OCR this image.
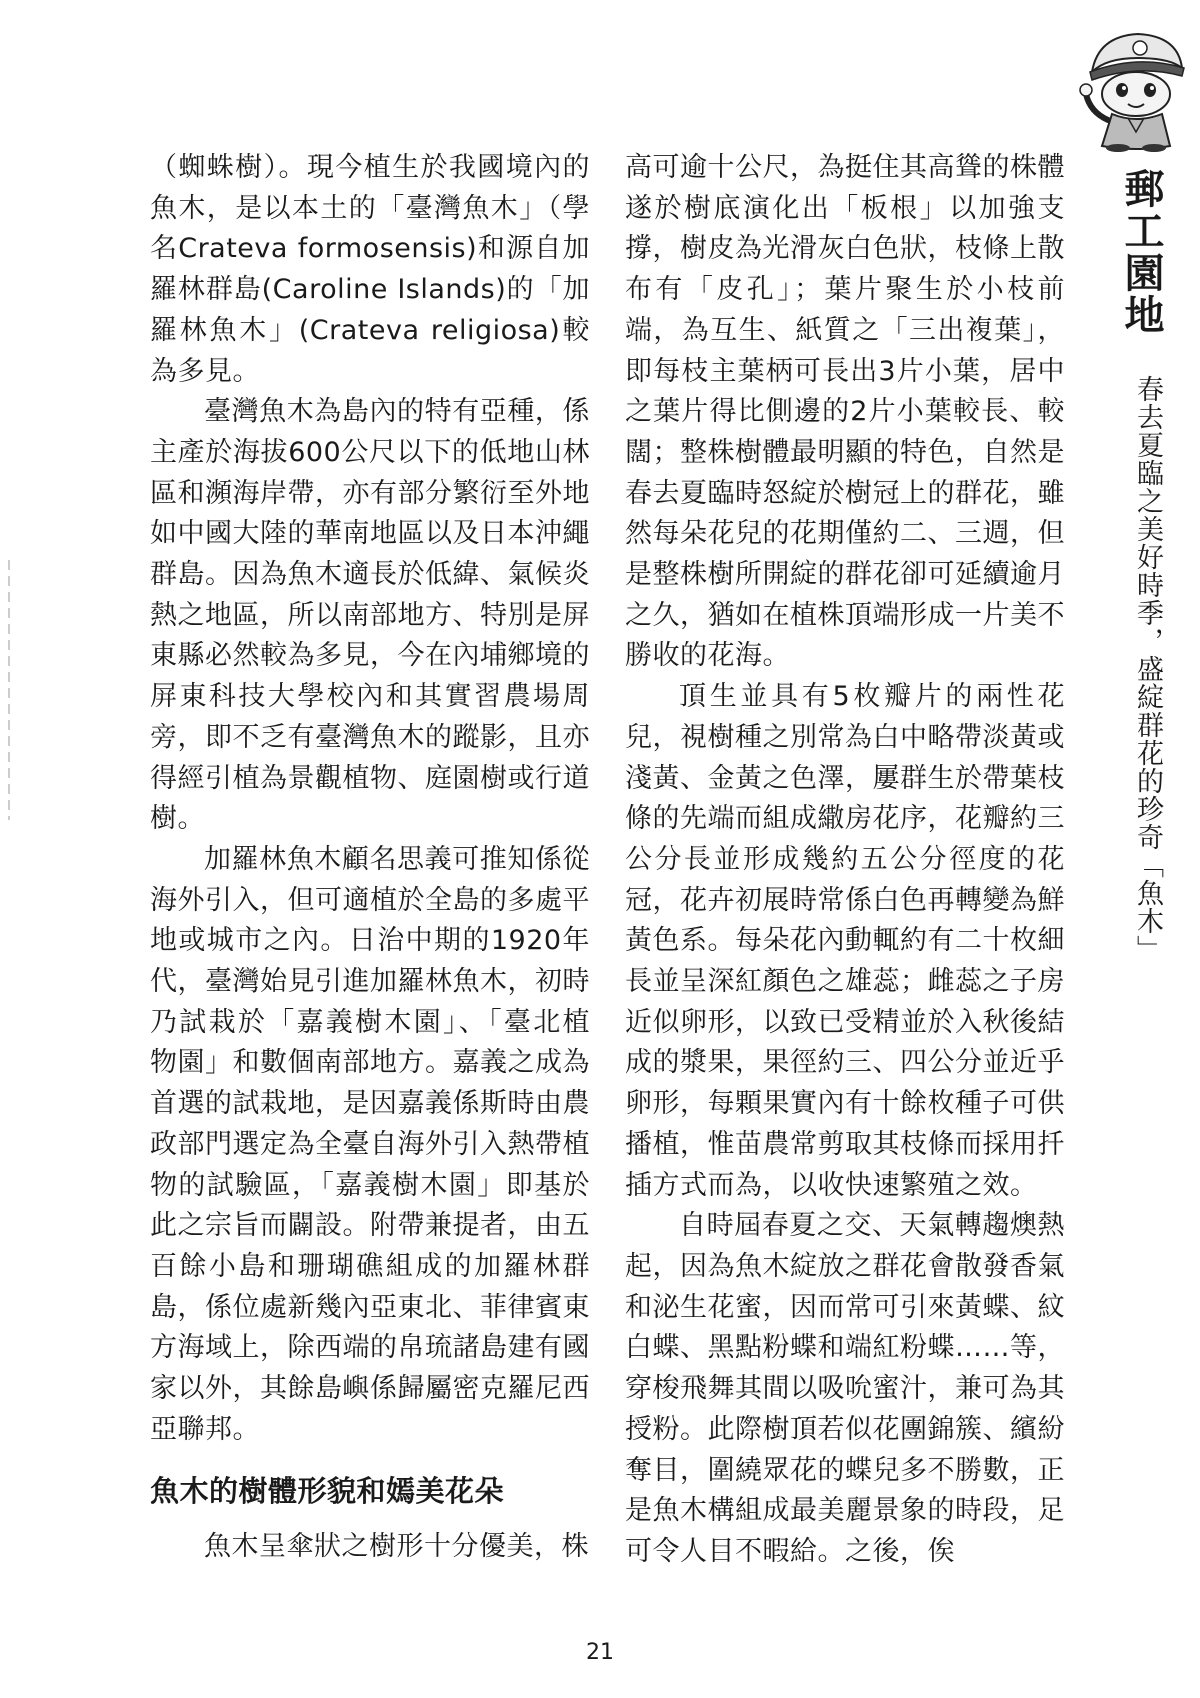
（蜘蛛樹）。現今植生於我國境內的魚木，是以本土的「臺灣魚木」（學名Crateva formosensis)和源自加羅林群島(Caroline Islands)的「加羅林魚木」(Crateva religiosa)較為多見。

臺灣魚木為島內的特有亞種，係主產於海拔600公尺以下的低地山林區和瀕海岸帶，亦有部分繁衍至外地如中國大陸的華南地區以及日本沖繩群島。因為魚木適長於低緯、氣候炎熱之地區，所以南部地方、特別是屏東縣必然較為多見，今在內埔鄉境的屏東科技大學校內和其實習農場周旁，即不乏有臺灣魚木的蹤影，且亦得經引植為景觀植物、庭園樹或行道樹。

加羅林魚木顧名思義可推知係從海外引入，但可適植於全島的多處平地或城市之內。日治中期的1920年代，臺灣始見引進加羅林魚木，初時乃試栽於「嘉義樹木園」、「臺北植物園」和數個南部地方。嘉義之成為首選的試栽地，是因嘉義係斯時由農政部門選定為全臺自海外引入熱帶植物的試驗區，「嘉義樹木園」即基於此之宗旨而闢設。附帶兼提者，由五百餘小島和珊瑚礁組成的加羅林群島，係位處新幾內亞東北、菲律賓東方海域上，除西端的帛琉諸島建有國家以外，其餘島嶼係歸屬密克羅尼西亞聯邦。

魚木的樹體形貌和嫣美花朵

魚木呈傘狀之樹形十分優美，株

高可逾十公尺，為挺住其高聳的株體遂於樹底演化出「板根」以加強支撐，樹皮為光滑灰白色狀，枝條上散布有「皮孔」；葉片聚生於小枝前端，為互生、紙質之「三出複葉」，即每枝主葉柄可長出3片小葉，居中之葉片得比側邊的2片小葉較長、較闊；整株樹體最明顯的特色，自然是春去夏臨時怒綻於樹冠上的群花，雖然每朵花兒的花期僅約二、三週，但是整株樹所開綻的群花卻可延續逾月之久，猶如在植株頂端形成一片美不勝收的花海。

頂生並具有5枚瓣片的兩性花兒，視樹種之別常為白中略帶淡黃或淺黃、金黃之色澤，屢群生於帶葉枝條的先端而組成繖房花序，花瓣約三公分長並形成幾約五公分徑度的花冠，花卉初展時常係白色再轉變為鮮黃色系。每朵花內動輒約有二十枚細長並呈深紅顏色之雄蕊；雌蕊之子房近似卵形，以致已受精並於入秋後結成的漿果，果徑約三、四公分並近乎卵形，每顆果實內有十餘枚種子可供播植，惟苗農常剪取其枝條而採用扦插方式而為，以收快速繁殖之效。

自時屆春夏之交、天氣轉趨燠熱起，因為魚木綻放之群花會散發香氣和泌生花蜜，因而常可引來黃蝶、紋白蝶、黑點粉蝶和端紅粉蝶……等，穿梭飛舞其間以吸吮蜜汁，兼可為其授粉。此際樹頂若似花團錦簇、繽紛奪目，圍繞眾花的蝶兒多不勝數，正是魚木構組成最美麗景象的時段，足可令人目不暇給。之後，俟

郵工園地
春去夏臨之美好時季，盛綻群花的珍奇「魚木」
21
